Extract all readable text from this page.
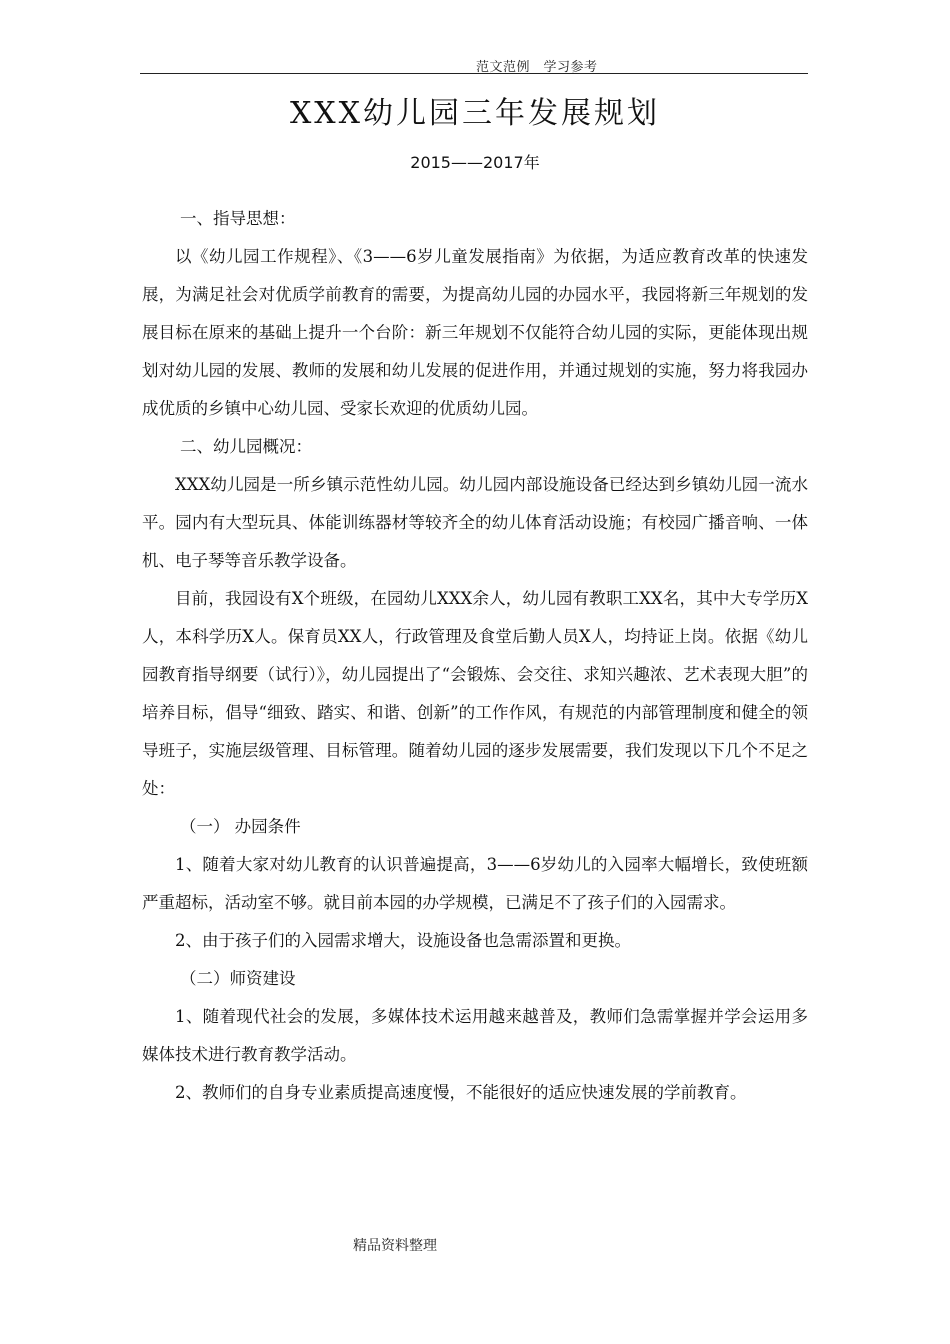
范文范例　学习参考
XXX幼儿园三年发展规划
2015——2017年

一、指导思想：

以《幼儿园工作规程》、《3——6岁儿童发展指南》为依据，为适应教育改革的快速发展，为满足社会对优质学前教育的需要，为提高幼儿园的办园水平，我园将新三年规划的发展目标在原来的基础上提升一个台阶：新三年规划不仅能符合幼儿园的实际，更能体现出规划对幼儿园的发展、教师的发展和幼儿发展的促进作用，并通过规划的实施，努力将我园办成优质的乡镇中心幼儿园、受家长欢迎的优质幼儿园。

二、幼儿园概况：

XXX幼儿园是一所乡镇示范性幼儿园。幼儿园内部设施设备已经达到乡镇幼儿园一流水平。园内有大型玩具、体能训练器材等较齐全的幼儿体育活动设施；有校园广播音响、一体机、电子琴等音乐教学设备。

目前，我园设有X个班级，在园幼儿XXX余人，幼儿园有教职工XX名，其中大专学历X人，本科学历X人。保育员XX人，行政管理及食堂后勤人员X人，均持证上岗。依据《幼儿园教育指导纲要（试行）》，幼儿园提出了“会锻炼、会交往、求知兴趣浓、艺术表现大胆”的培养目标，倡导“细致、踏实、和谐、创新”的工作作风，有规范的内部管理制度和健全的领导班子，实施层级管理、目标管理。随着幼儿园的逐步发展需要，我们发现以下几个不足之处：

（一） 办园条件

1、随着大家对幼儿教育的认识普遍提高，3——6岁幼儿的入园率大幅增长，致使班额严重超标，活动室不够。就目前本园的办学规模，已满足不了孩子们的入园需求。

2、由于孩子们的入园需求增大，设施设备也急需添置和更换。

（二）师资建设

1、随着现代社会的发展，多媒体技术运用越来越普及，教师们急需掌握并学会运用多媒体技术进行教育教学活动。

2、教师们的自身专业素质提高速度慢，不能很好的适应快速发展的学前教育。

精品资料整理
